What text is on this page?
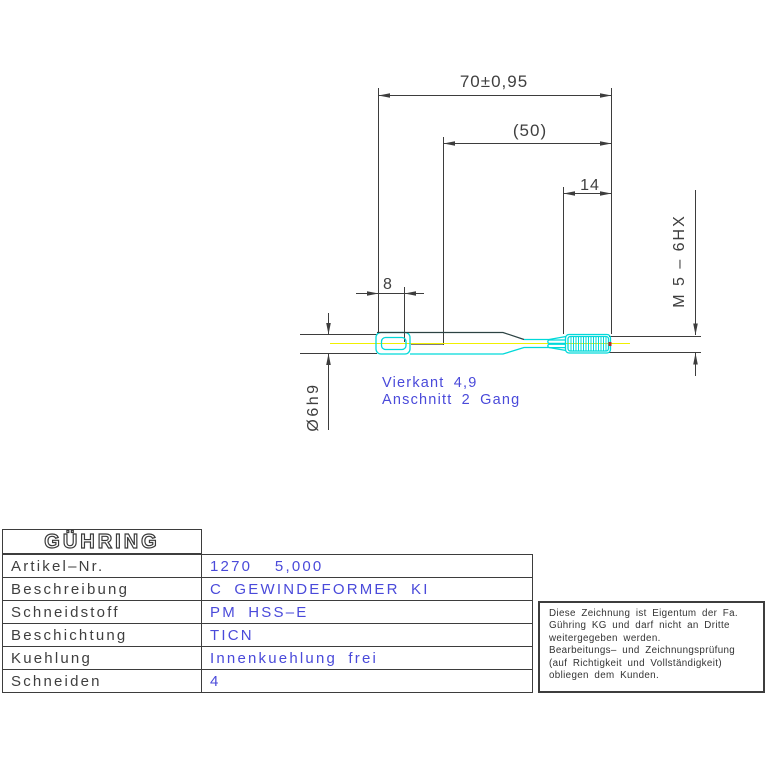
70±0,95
(50)
14
8
Ø6h9
M 5 – 6HX
Vierkant 4,9
Anschnitt 2 Gang
GÜHRING
Artikel–Nr.	1270  5,000
Beschreibung	C GEWINDEFORMER KI
Schneidstoff	PM HSS–E
Beschichtung	TICN
Kuehlung	Innenkuehlung frei
Schneiden	4
Diese Zeichnung ist Eigentum der Fa.
Gühring KG und darf nicht an Dritte
weitergegeben werden.
Bearbeitungs– und Zeichnungsprüfung
(auf Richtigkeit und Vollständigkeit)
obliegen dem Kunden.
